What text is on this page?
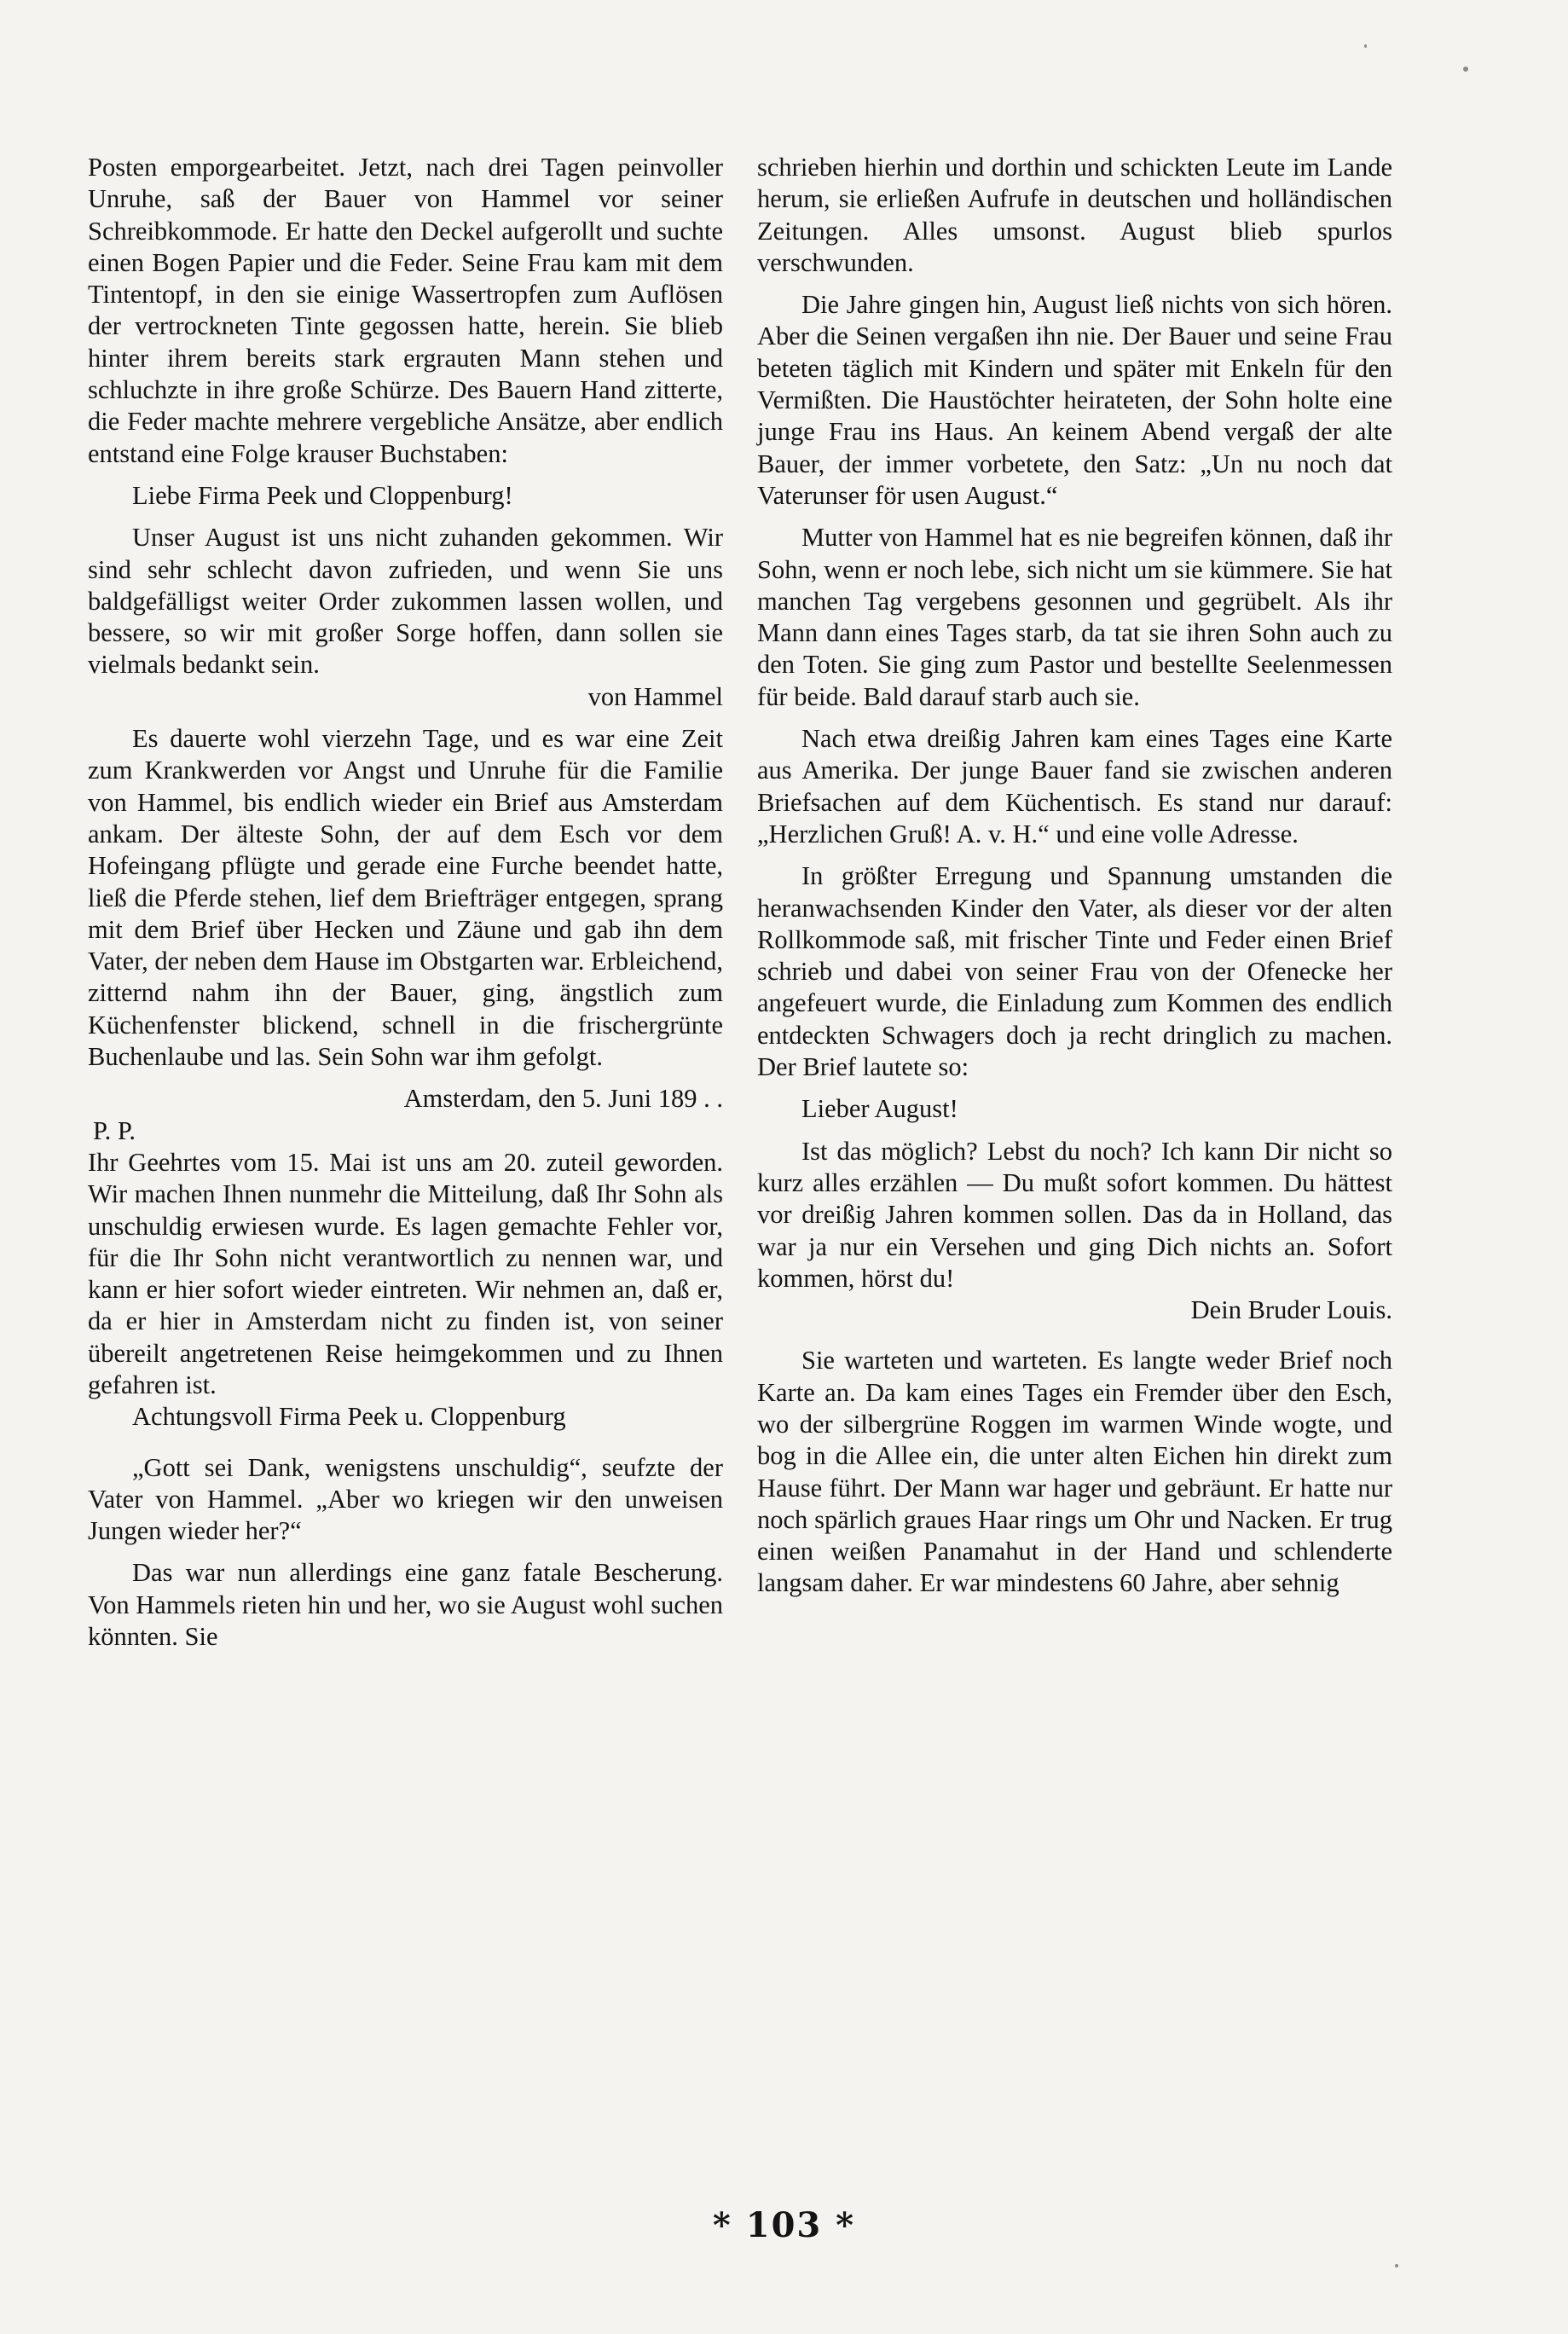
Posten emporgearbeitet. Jetzt, nach drei Tagen peinvoller Unruhe, saß der Bauer von Hammel vor seiner Schreibkommode. Er hatte den Deckel aufgerollt und suchte einen Bogen Papier und die Feder. Seine Frau kam mit dem Tintentopf, in den sie einige Wassertropfen zum Auflösen der vertrockneten Tinte gegossen hatte, herein. Sie blieb hinter ihrem bereits stark ergrauten Mann stehen und schluchzte in ihre große Schürze. Des Bauern Hand zitterte, die Feder machte mehrere vergebliche Ansätze, aber endlich entstand eine Folge krauser Buchstaben:

Liebe Firma Peek und Cloppenburg!

Unser August ist uns nicht zuhanden gekommen. Wir sind sehr schlecht davon zufrieden, und wenn Sie uns baldgefälligst weiter Order zukommen lassen wollen, und bessere, so wir mit großer Sorge hoffen, dann sollen sie vielmals bedankt sein.

von Hammel

Es dauerte wohl vierzehn Tage, und es war eine Zeit zum Krankwerden vor Angst und Unruhe für die Familie von Hammel, bis endlich wieder ein Brief aus Amsterdam ankam. Der älteste Sohn, der auf dem Esch vor dem Hofeingang pflügte und gerade eine Furche beendet hatte, ließ die Pferde stehen, lief dem Briefträger entgegen, sprang mit dem Brief über Hecken und Zäune und gab ihn dem Vater, der neben dem Hause im Obstgarten war. Erbleichend, zitternd nahm ihn der Bauer, ging, ängstlich zum Küchenfenster blickend, schnell in die frischergrünte Buchenlaube und las. Sein Sohn war ihm gefolgt.

Amsterdam, den 5. Juni 189 . .

P. P.

Ihr Geehrtes vom 15. Mai ist uns am 20. zuteil geworden. Wir machen Ihnen nunmehr die Mitteilung, daß Ihr Sohn als unschuldig erwiesen wurde. Es lagen gemachte Fehler vor, für die Ihr Sohn nicht verantwortlich zu nennen war, und kann er hier sofort wieder eintreten. Wir nehmen an, daß er, da er hier in Amsterdam nicht zu finden ist, von seiner übereilt angetretenen Reise heimgekommen und zu Ihnen gefahren ist.

Achtungsvoll Firma Peek u. Cloppenburg

„Gott sei Dank, wenigstens unschuldig“, seufzte der Vater von Hammel. „Aber wo kriegen wir den unweisen Jungen wieder her?“

Das war nun allerdings eine ganz fatale Bescherung. Von Hammels rieten hin und her, wo sie August wohl suchen könnten. Sie

schrieben hierhin und dorthin und schickten Leute im Lande herum, sie erließen Aufrufe in deutschen und holländischen Zeitungen. Alles umsonst. August blieb spurlos verschwunden.

Die Jahre gingen hin, August ließ nichts von sich hören. Aber die Seinen vergaßen ihn nie. Der Bauer und seine Frau beteten täglich mit Kindern und später mit Enkeln für den Vermißten. Die Haustöchter heirateten, der Sohn holte eine junge Frau ins Haus. An keinem Abend vergaß der alte Bauer, der immer vorbetete, den Satz: „Un nu noch dat Vaterunser för usen August.“

Mutter von Hammel hat es nie begreifen können, daß ihr Sohn, wenn er noch lebe, sich nicht um sie kümmere. Sie hat manchen Tag vergebens gesonnen und gegrübelt. Als ihr Mann dann eines Tages starb, da tat sie ihren Sohn auch zu den Toten. Sie ging zum Pastor und bestellte Seelenmessen für beide. Bald darauf starb auch sie.

Nach etwa dreißig Jahren kam eines Tages eine Karte aus Amerika. Der junge Bauer fand sie zwischen anderen Briefsachen auf dem Küchentisch. Es stand nur darauf: „Herzlichen Gruß! A. v. H.“ und eine volle Adresse.

In größter Erregung und Spannung umstanden die heranwachsenden Kinder den Vater, als dieser vor der alten Rollkommode saß, mit frischer Tinte und Feder einen Brief schrieb und dabei von seiner Frau von der Ofenecke her angefeuert wurde, die Einladung zum Kommen des endlich entdeckten Schwagers doch ja recht dringlich zu machen. Der Brief lautete so:

Lieber August!

Ist das möglich? Lebst du noch? Ich kann Dir nicht so kurz alles erzählen — Du mußt sofort kommen. Du hättest vor dreißig Jahren kommen sollen. Das da in Holland, das war ja nur ein Versehen und ging Dich nichts an. Sofort kommen, hörst du!

Dein Bruder Louis.

Sie warteten und warteten. Es langte weder Brief noch Karte an. Da kam eines Tages ein Fremder über den Esch, wo der silbergrüne Roggen im warmen Winde wogte, und bog in die Allee ein, die unter alten Eichen hin direkt zum Hause führt. Der Mann war hager und gebräunt. Er hatte nur noch spärlich graues Haar rings um Ohr und Nacken. Er trug einen weißen Panamahut in der Hand und schlenderte langsam daher. Er war mindestens 60 Jahre, aber sehnig

* 103 *
